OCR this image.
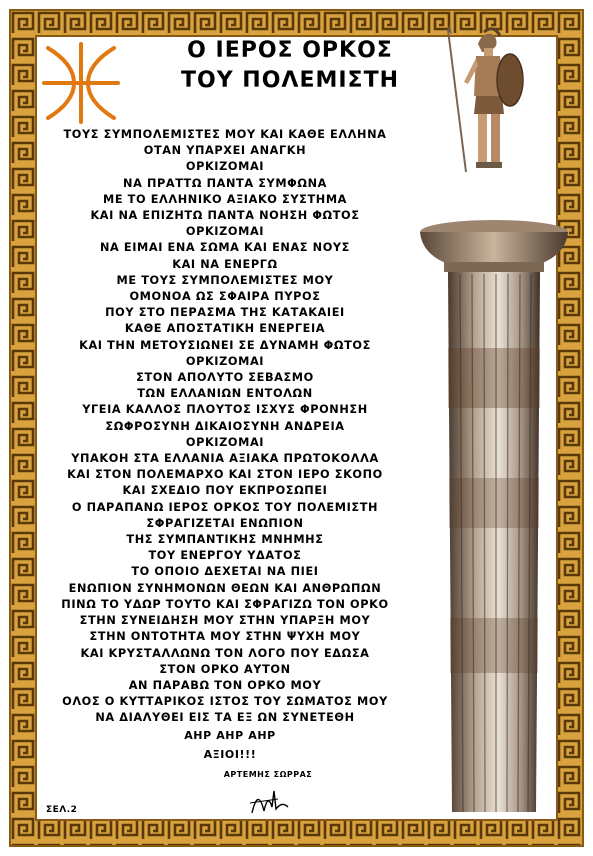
Ο ΙΕΡΟΣ ΟΡΚΟΣ
ΤΟΥ ΠΟΛΕΜΙΣΤΗ
ΤΟΥΣ ΣΥΜΠΟΛΕΜΙΣΤΕΣ ΜΟΥ ΚΑΙ ΚΑΘΕ ΕΛΛΗΝΑ
ΟΤΑΝ ΥΠΑΡΧΕΙ ΑΝΑΓΚΗ
ΟΡΚΙΖΟΜΑΙ
ΝΑ ΠΡΑΤΤΩ ΠΑΝΤΑ ΣΥΜΦΩΝΑ
ΜΕ ΤΟ ΕΛΛΗΝΙΚΟ ΑΞΙΑΚΟ ΣΥΣΤΗΜΑ
ΚΑΙ ΝΑ ΕΠΙΖΗΤΩ ΠΑΝΤΑ ΝΟΗΣΗ ΦΩΤΟΣ
ΟΡΚΙΖΟΜΑΙ
ΝΑ ΕΙΜΑΙ ΕΝΑ ΣΩΜΑ ΚΑΙ ΕΝΑΣ ΝΟΥΣ
ΚΑΙ ΝΑ ΕΝΕΡΓΩ
ΜΕ ΤΟΥΣ ΣΥΜΠΟΛΕΜΙΣΤΕΣ ΜΟΥ
ΟΜΟΝΟΑ ΩΣ ΣΦΑΙΡΑ ΠΥΡΟΣ
ΠΟΥ ΣΤΟ ΠΕΡΑΣΜΑ ΤΗΣ ΚΑΤΑΚΑΙΕΙ
ΚΑΘΕ ΑΠΟΣΤΑΤΙΚΗ ΕΝΕΡΓΕΙΑ
ΚΑΙ ΤΗΝ ΜΕΤΟΥΣΙΩΝΕΙ ΣΕ ΔΥΝΑΜΗ ΦΩΤΟΣ
ΟΡΚΙΖΟΜΑΙ
ΣΤΟΝ ΑΠΟΛΥΤΟ ΣΕΒΑΣΜΟ
ΤΩΝ ΕΛΛΑΝΙΩΝ ΕΝΤΟΛΩΝ
ΥΓΕΙΑ ΚΑΛΛΟΣ ΠΛΟΥΤΟΣ ΙΣΧΥΣ ΦΡΟΝΗΣΗ
ΣΩΦΡΟΣΥΝΗ ΔΙΚΑΙΟΣΥΝΗ ΑΝΔΡΕΙΑ
ΟΡΚΙΖΟΜΑΙ
ΥΠΑΚΟΗ ΣΤΑ ΕΛΛΑΝΙΑ ΑΞΙΑΚΑ ΠΡΩΤΟΚΟΛΛΑ
ΚΑΙ ΣΤΟΝ ΠΟΛΕΜΑΡΧΟ ΚΑΙ ΣΤΟΝ ΙΕΡΟ ΣΚΟΠΟ
ΚΑΙ ΣΧΕΔΙΟ ΠΟΥ ΕΚΠΡΟΣΩΠΕΙ
Ο ΠΑΡΑΠΑΝΩ ΙΕΡΟΣ ΟΡΚΟΣ ΤΟΥ ΠΟΛΕΜΙΣΤΗ
ΣΦΡΑΓΙΖΕΤΑΙ ΕΝΩΠΙΟΝ
ΤΗΣ ΣΥΜΠΑΝΤΙΚΗΣ ΜΝΗΜΗΣ
ΤΟΥ ΕΝΕΡΓΟΥ ΥΔΑΤΟΣ
ΤΟ ΟΠΟΙΟ ΔΕΧΕΤΑΙ ΝΑ ΠΙΕΙ
ΕΝΩΠΙΟΝ ΣΥΝΗΜΟΝΩΝ ΘΕΩΝ ΚΑΙ ΑΝΘΡΩΠΩΝ
ΠΙΝΩ ΤΟ ΥΔΩΡ ΤΟΥΤΟ ΚΑΙ ΣΦΡΑΓΙΖΩ ΤΟΝ ΟΡΚΟ
ΣΤΗΝ ΣΥΝΕΙΔΗΣΗ ΜΟΥ ΣΤΗΝ ΥΠΑΡΞΗ ΜΟΥ
ΣΤΗΝ ΟΝΤΟΤΗΤΑ ΜΟΥ ΣΤΗΝ ΨΥΧΗ ΜΟΥ
ΚΑΙ ΚΡΥΣΤΑΛΛΩΝΩ ΤΟΝ ΛΟΓΟ ΠΟΥ ΕΔΩΣΑ
ΣΤΟΝ ΟΡΚΟ ΑΥΤΟΝ
ΑΝ ΠΑΡΑΒΩ ΤΟΝ ΟΡΚΟ ΜΟΥ
ΟΛΟΣ Ο ΚΥΤΤΑΡΙΚΟΣ ΙΣΤΟΣ ΤΟΥ ΣΩΜΑΤΟΣ ΜΟΥ
ΝΑ ΔΙΑΛΥΘΕΙ ΕΙΣ ΤΑ ΕΞ ΩΝ ΣΥΝΕΤΕΘΗ
ΑΗΡ ΑΗΡ ΑΗΡ
ΑΞΙΟΙ!!!
ΑΡΤΕΜΗΣ ΣΩΡΡΑΣ
ΣΕΛ.2
